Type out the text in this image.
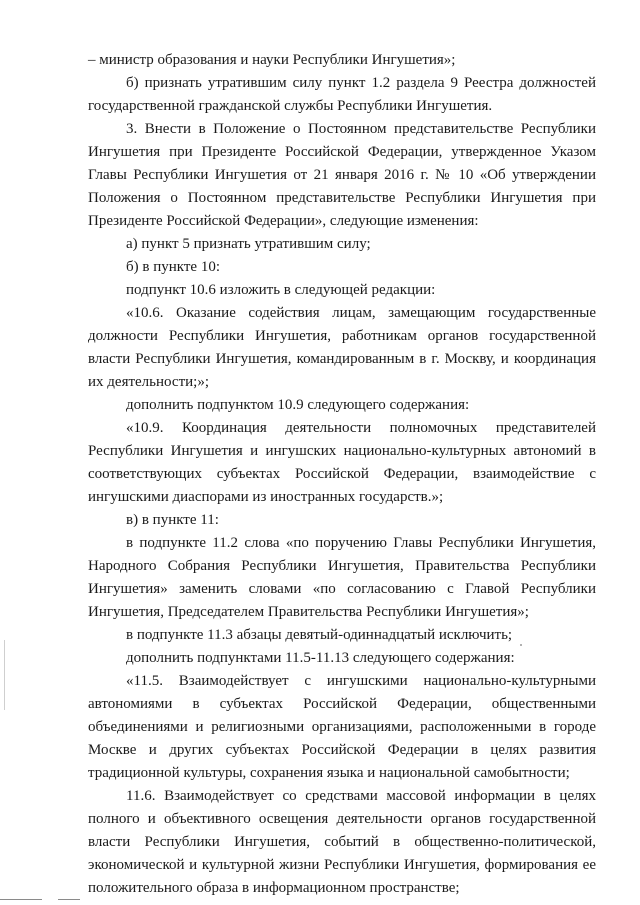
– министр образования и науки Республики Ингушетия»;

б) признать утратившим силу пункт 1.2 раздела 9 Реестра должностей государственной гражданской службы Республики Ингушетия.

3. Внести в Положение о Постоянном представительстве Республики Ингушетия при Президенте Российской Федерации, утвержденное Указом Главы Республики Ингушетия от 21 января 2016 г. № 10 «Об утверждении Положения о Постоянном представительстве Республики Ингушетия при Президенте Российской Федерации», следующие изменения:

а) пункт 5 признать утратившим силу;

б) в пункте 10:

подпункт 10.6 изложить в следующей редакции:

«10.6. Оказание содействия лицам, замещающим государственные должности Республики Ингушетия, работникам органов государственной власти Республики Ингушетия, командированным в г. Москву, и координация их деятельности;»;

дополнить подпунктом 10.9 следующего содержания:

«10.9. Координация деятельности полномочных представителей Республики Ингушетия и ингушских национально-культурных автономий в соответствующих субъектах Российской Федерации, взаимодействие с ингушскими диаспорами из иностранных государств.»;

в) в пункте 11:

в подпункте 11.2 слова «по поручению Главы Республики Ингушетия, Народного Собрания Республики Ингушетия, Правительства Республики Ингушетия» заменить словами «по согласованию с Главой Республики Ингушетия, Председателем Правительства Республики Ингушетия»;

в подпункте 11.3 абзацы девятый-одиннадцатый исключить;

дополнить подпунктами 11.5-11.13 следующего содержания:

«11.5. Взаимодействует с ингушскими национально-культурными автономиями в субъектах Российской Федерации, общественными объединениями и религиозными организациями, расположенными в городе Москве и других субъектах Российской Федерации в целях развития традиционной культуры, сохранения языка и национальной самобытности;

11.6. Взаимодействует со средствами массовой информации в целях полного и объективного освещения деятельности органов государственной власти Республики Ингушетия, событий в общественно-политической, экономической и культурной жизни Республики Ингушетия, формирования ее положительного образа в информационном пространстве;
